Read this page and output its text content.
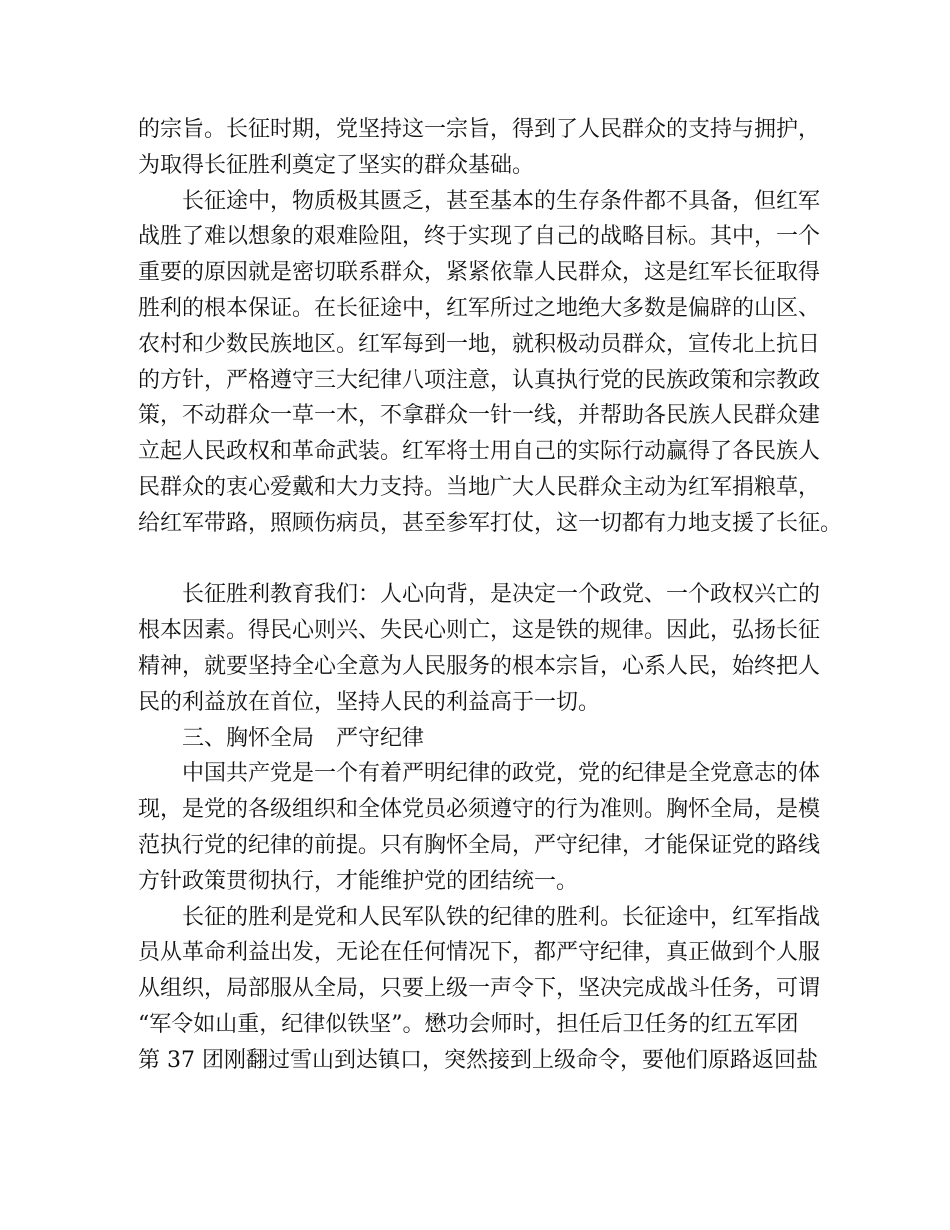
的宗旨。长征时期，党坚持这一宗旨，得到了人民群众的支持与拥护，
为取得长征胜利奠定了坚实的群众基础。
长征途中，物质极其匮乏，甚至基本的生存条件都不具备，但红军
战胜了难以想象的艰难险阻，终于实现了自己的战略目标。其中，一个
重要的原因就是密切联系群众，紧紧依靠人民群众，这是红军长征取得
胜利的根本保证。在长征途中，红军所过之地绝大多数是偏辟的山区、
农村和少数民族地区。红军每到一地，就积极动员群众，宣传北上抗日
的方针，严格遵守三大纪律八项注意，认真执行党的民族政策和宗教政
策，不动群众一草一木，不拿群众一针一线，并帮助各民族人民群众建
立起人民政权和革命武装。红军将士用自己的实际行动赢得了各民族人
民群众的衷心爱戴和大力支持。当地广大人民群众主动为红军捐粮草，
给红军带路，照顾伤病员，甚至参军打仗，这一切都有力地支援了长征。
长征胜利教育我们：人心向背，是决定一个政党、一个政权兴亡的
根本因素。得民心则兴、失民心则亡，这是铁的规律。因此，弘扬长征
精神，就要坚持全心全意为人民服务的根本宗旨，心系人民，始终把人
民的利益放在首位，坚持人民的利益高于一切。
三、胸怀全局　严守纪律
中国共产党是一个有着严明纪律的政党，党的纪律是全党意志的体
现，是党的各级组织和全体党员必须遵守的行为准则。胸怀全局，是模
范执行党的纪律的前提。只有胸怀全局，严守纪律，才能保证党的路线
方针政策贯彻执行，才能维护党的团结统一。
长征的胜利是党和人民军队铁的纪律的胜利。长征途中，红军指战
员从革命利益出发，无论在任何情况下，都严守纪律，真正做到个人服
从组织，局部服从全局，只要上级一声令下，坚决完成战斗任务，可谓
“军令如山重，纪律似铁坚”。懋功会师时，担任后卫任务的红五军团
第 37 团刚翻过雪山到达镇口，突然接到上级命令，要他们原路返回盐
